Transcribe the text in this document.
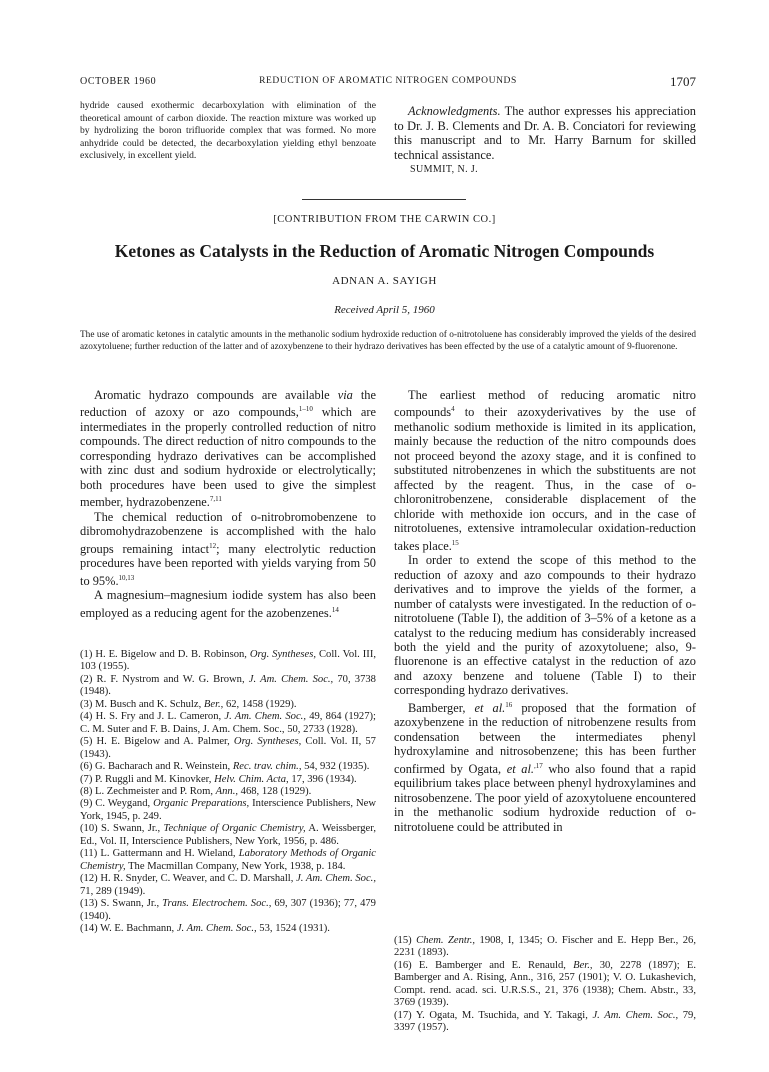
OCTOBER 1960	REDUCTION OF AROMATIC NITROGEN COMPOUNDS	1707

hydride caused exothermic decarboxylation with elimination of the theoretical amount of carbon dioxide. The reaction mixture was worked up by hydrolizing the boron trifluoride complex that was formed. No more anhydride could be detected, the decarboxylation yielding ethyl benzoate exclusively, in excellent yield.

Acknowledgments. The author expresses his appreciation to Dr. J. B. Clements and Dr. A. B. Conciatori for reviewing this manuscript and to Mr. Harry Barnum for skilled technical assistance.

SUMMIT, N. J.
[CONTRIBUTION FROM THE CARWIN CO.]
Ketones as Catalysts in the Reduction of Aromatic Nitrogen Compounds
ADNAN A. SAYIGH
Received April 5, 1960
The use of aromatic ketones in catalytic amounts in the methanolic sodium hydroxide reduction of o-nitrotoluene has considerably improved the yields of the desired azoxytoluene; further reduction of the latter and of azoxybenzene to their hydrazo derivatives has been effected by the use of a catalytic amount of 9-fluorenone.

Aromatic hydrazo compounds are available via the reduction of azoxy or azo compounds,$^{1-10}$ which are intermediates in the properly controlled reduction of nitro compounds. The direct reduction of nitro compounds to the corresponding hydrazo derivatives can be accomplished with zinc dust and sodium hydroxide or electrolytically; both procedures have been used to give the simplest member, hydrazobenzene.$^{7,11}$

The chemical reduction of o-nitrobromobenzene to dibromohydrazobenzene is accomplished with the halo groups remaining intact$^{12}$; many electrolytic reduction procedures have been reported with yields varying from 50 to 95%.$^{10,13}$

A magnesium–magnesium iodide system has also been employed as a reducing agent for the azobenzenes.$^{14}$

(1) H. E. Bigelow and D. B. Robinson, Org. Syntheses, Coll. Vol. III, 103 (1955).

(2) R. F. Nystrom and W. G. Brown, J. Am. Chem. Soc., 70, 3738 (1948).

(3) M. Busch and K. Schulz, Ber., 62, 1458 (1929).

(4) H. S. Fry and J. L. Cameron, J. Am. Chem. Soc., 49, 864 (1927); C. M. Suter and F. B. Dains, J. Am. Chem. Soc., 50, 2733 (1928).

(5) H. E. Bigelow and A. Palmer, Org. Syntheses, Coll. Vol. II, 57 (1943).

(6) G. Bacharach and R. Weinstein, Rec. trav. chim., 54, 932 (1935).

(7) P. Ruggli and M. Kinovker, Helv. Chim. Acta, 17, 396 (1934).

(8) L. Zechmeister and P. Rom, Ann., 468, 128 (1929).

(9) C. Weygand, Organic Preparations, Interscience Publishers, New York, 1945, p. 249.

(10) S. Swann, Jr., Technique of Organic Chemistry, A. Weissberger, Ed., Vol. II, Interscience Publishers, New York, 1956, p. 486.

(11) L. Gattermann and H. Wieland, Laboratory Methods of Organic Chemistry, The Macmillan Company, New York, 1938, p. 184.

(12) H. R. Snyder, C. Weaver, and C. D. Marshall, J. Am. Chem. Soc., 71, 289 (1949).

(13) S. Swann, Jr., Trans. Electrochem. Soc., 69, 307 (1936); 77, 479 (1940).

(14) W. E. Bachmann, J. Am. Chem. Soc., 53, 1524 (1931).

The earliest method of reducing aromatic nitro compounds$^4$ to their azoxyderivatives by the use of methanolic sodium methoxide is limited in its application, mainly because the reduction of the nitro compounds does not proceed beyond the azoxy stage, and it is confined to substituted nitrobenzenes in which the substituents are not affected by the reagent. Thus, in the case of o-chloronitrobenzene, considerable displacement of the chloride with methoxide ion occurs, and in the case of nitrotoluenes, extensive intramolecular oxidation-reduction takes place.$^{15}$

In order to extend the scope of this method to the reduction of azoxy and azo compounds to their hydrazo derivatives and to improve the yields of the former, a number of catalysts were investigated. In the reduction of o-nitrotoluene (Table I), the addition of 3–5% of a ketone as a catalyst to the reducing medium has considerably increased both the yield and the purity of azoxytoluene; also, 9-fluorenone is an effective catalyst in the reduction of azo and azoxy benzene and toluene (Table I) to their corresponding hydrazo derivatives.

Bamberger, et al.$^{16}$ proposed that the formation of azoxybenzene in the reduction of nitrobenzene results from condensation between the intermediates phenyl hydroxylamine and nitrosobenzene; this has been further confirmed by Ogata, et al.$^{,17}$ who also found that a rapid equilibrium takes place between phenyl hydroxylamines and nitrosobenzene. The poor yield of azoxytoluene encountered in the methanolic sodium hydroxide reduction of o-nitrotoluene could be attributed in

(15) Chem. Zentr., 1908, I, 1345; O. Fischer and E. Hepp Ber., 26, 2231 (1893).

(16) E. Bamberger and E. Renauld, Ber., 30, 2278 (1897); E. Bamberger and A. Rising, Ann., 316, 257 (1901); V. O. Lukashevich, Compt. rend. acad. sci. U.R.S.S., 21, 376 (1938); Chem. Abstr., 33, 3769 (1939).

(17) Y. Ogata, M. Tsuchida, and Y. Takagi, J. Am. Chem. Soc., 79, 3397 (1957).
